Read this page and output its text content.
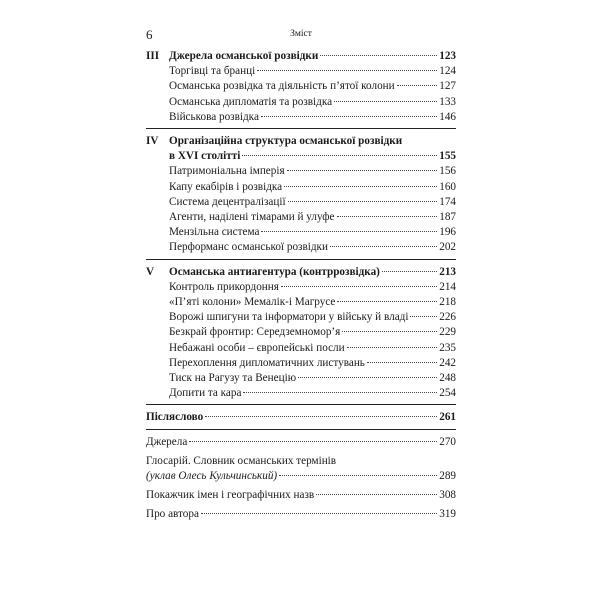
6	Зміст
III Джерела османської розвідки	123
Торгівці та бранці	124
Османська розвідка та діяльність п’ятої колони	127
Османська дипломатія та розвідка	133
Військова розвідка	146
IV Організаційна структура османської розвідки
в XVI столітті	155
Патримоніальна імперія	156
Капу екабірів і розвідка	160
Система децентралізації	174
Агенти, наділені тімарами й улуфе	187
Мензільна система	196
Перформанс османської розвідки	202
V Османська антиагентура (контррозвідка)	213
Контроль прикордоння	214
«П’яті колони» Мемалік-і Магрусе	218
Ворожі шпигуни та інформатори у війську й владі	226
Безкрай фронтир: Середземномор’я	229
Небажані особи – європейські посли	235
Перехоплення дипломатичних листувань	242
Тиск на Рагузу та Венецію	248
Допити та кара	254
Післяслово	261
Джерела	270
Глосарій. Словник османських термінів
(уклав Олесь Кульчинський)	289
Покажчик імен і географічних назв	308
Про автора	319
